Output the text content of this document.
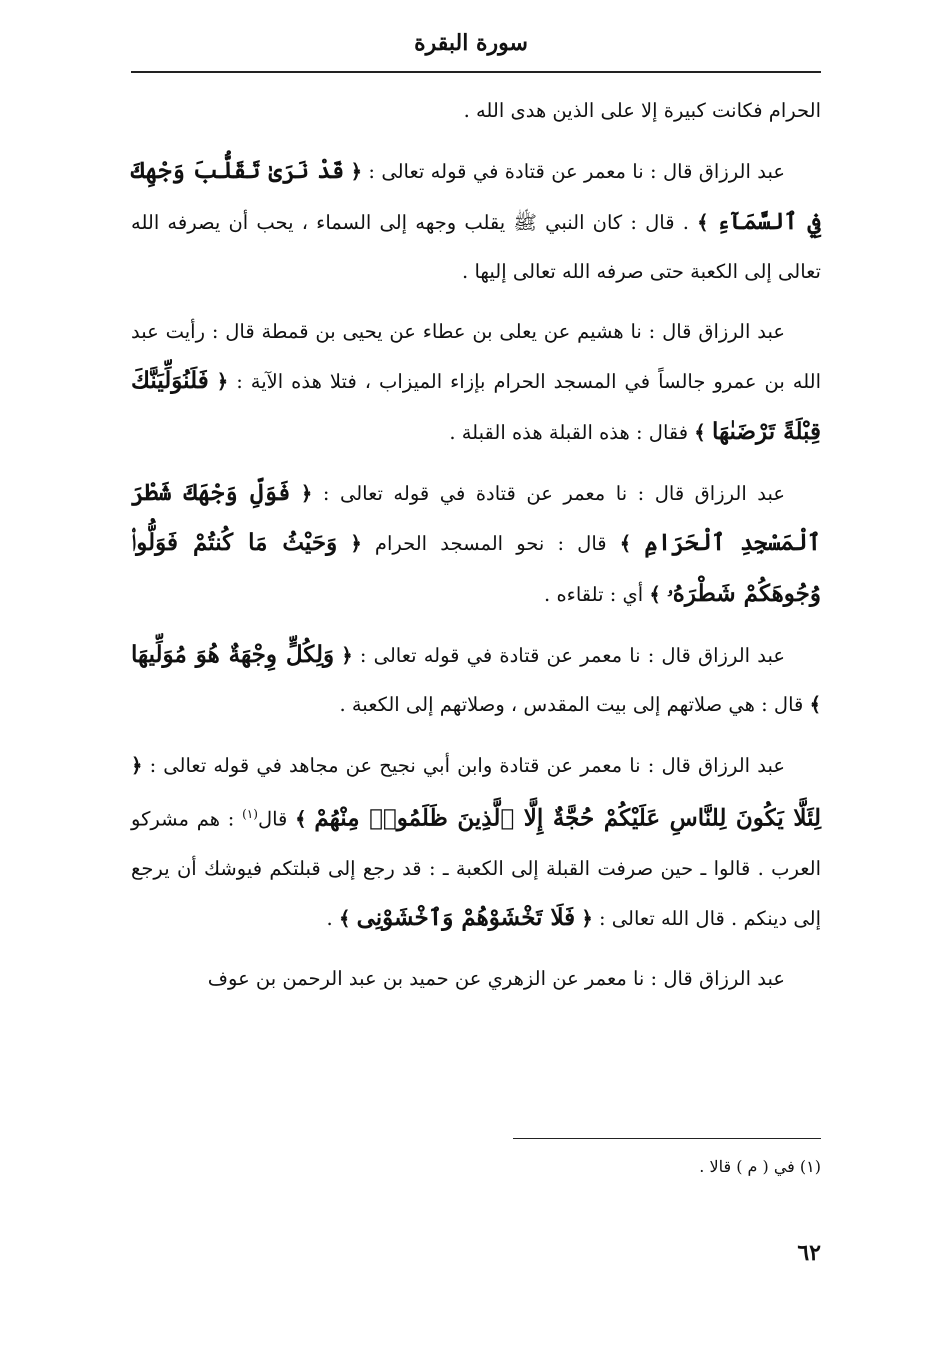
سورة البقرة

الحرام فكانت كبيرة إلا على الذين هدى الله .

عبد الرزاق قال : نا معمر عن قتادة في قوله تعالى : ﴿ قَدْ نَرَىٰ تَقَلُّبَ وَجْهِكَ فِي ٱلسَّمَآءِ ﴾ . قال : كان النبي ﷺ يقلب وجهه إلى السماء ، يحب أن يصرفه الله تعالى إلى الكعبة حتى صرفه الله تعالى إليها .

عبد الرزاق قال : نا هشيم عن يعلى بن عطاء عن يحيى بن قمطة قال : رأيت عبد الله بن عمرو جالساً في المسجد الحرام بإزاء الميزاب ، فتلا هذه الآية : ﴿ فَلَنُوَلِّيَنَّكَ قِبْلَةً تَرْضَىٰهَا ﴾ فقال : هذه القبلة هذه القبلة .

عبد الرزاق قال : نا معمر عن قتادة في قوله تعالى : ﴿ فَوَلِّ وَجْهَكَ شَطْرَ ٱلْمَسْجِدِ ٱلْحَرَامِ ﴾ قال : نحو المسجد الحرام ﴿ وَحَيْثُ مَا كُنتُمْ فَوَلُّوا۟ وُجُوهَكُمْ شَطْرَهُۥ ﴾ أي : تلقاءه .

عبد الرزاق قال : نا معمر عن قتادة في قوله تعالى : ﴿ وَلِكُلٍّ وِجْهَةٌ هُوَ مُوَلِّيهَا ﴾ قال : هي صلاتهم إلى بيت المقدس ، وصلاتهم إلى الكعبة .

عبد الرزاق قال : نا معمر عن قتادة وابن أبي نجيح عن مجاهد في قوله تعالى : ﴿ لِئَلَّا يَكُونَ لِلنَّاسِ عَلَيْكُمْ حُجَّةٌ إِلَّا ٱلَّذِينَ ظَلَمُوا۟ مِنْهُمْ ﴾ قال$^{(١)}$ : هم مشركو العرب . قالوا ـ حين صرفت القبلة إلى الكعبة ـ : قد رجع إلى قبلتكم فيوشك أن يرجع إلى دينكم . قال الله تعالى : ﴿ فَلَا تَخْشَوْهُمْ وَٱخْشَوْنِى ﴾ .

عبد الرزاق قال : نا معمر عن الزهري عن حميد بن عبد الرحمن بن عوف

(١) في ( م ) قالا .
٦٢
